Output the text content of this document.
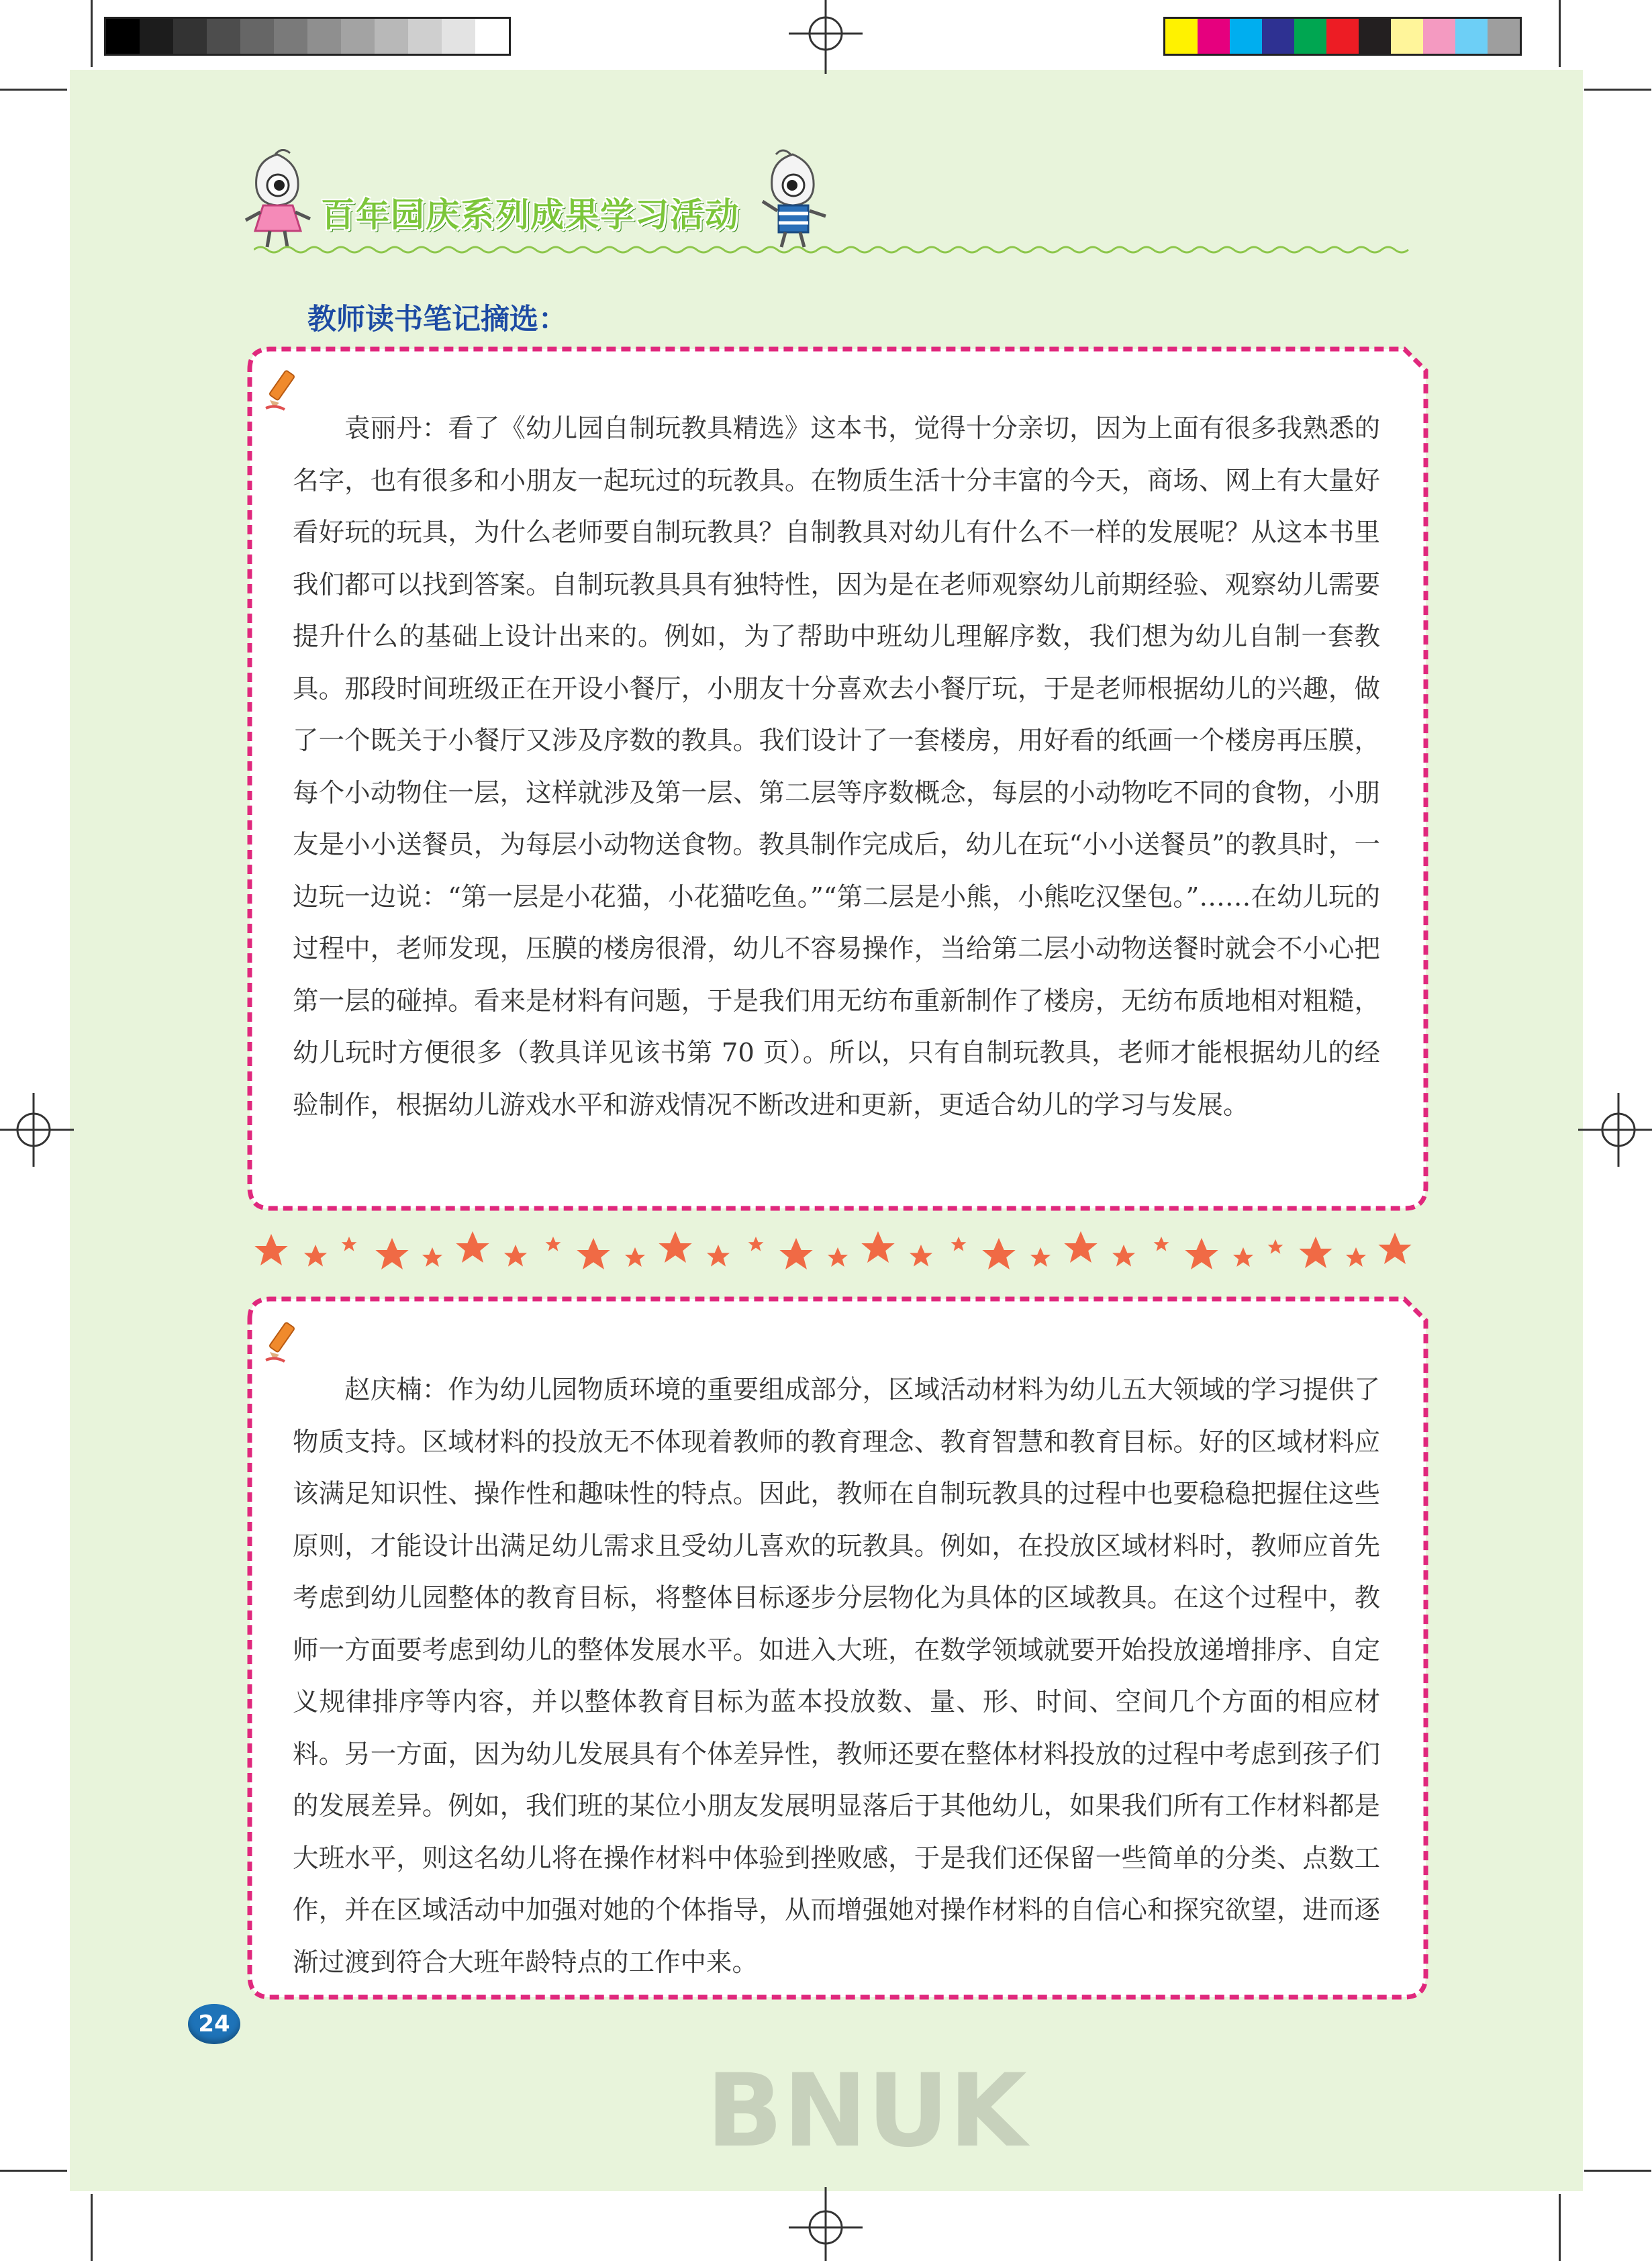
百年园庆系列成果学习活动
教师读书笔记摘选：
袁丽丹：看了《幼儿园自制玩教具精选》这本书，觉得十分亲切，因为上面有很多我熟悉的名字，也有很多和小朋友一起玩过的玩教具。在物质生活十分丰富的今天，商场、网上有大量好看好玩的玩具，为什么老师要自制玩教具？自制教具对幼儿有什么不一样的发展呢？从这本书里我们都可以找到答案。自制玩教具具有独特性，因为是在老师观察幼儿前期经验、观察幼儿需要提升什么的基础上设计出来的。例如，为了帮助中班幼儿理解序数，我们想为幼儿自制一套教具。那段时间班级正在开设小餐厅，小朋友十分喜欢去小餐厅玩，于是老师根据幼儿的兴趣，做了一个既关于小餐厅又涉及序数的教具。我们设计了一套楼房，用好看的纸画一个楼房再压膜，每个小动物住一层，这样就涉及第一层、第二层等序数概念，每层的小动物吃不同的食物，小朋友是小小送餐员，为每层小动物送食物。教具制作完成后，幼儿在玩“小小送餐员”的教具时，一边玩一边说：“第一层是小花猫，小花猫吃鱼。”“第二层是小熊，小熊吃汉堡包。”……在幼儿玩的过程中，老师发现，压膜的楼房很滑，幼儿不容易操作，当给第二层小动物送餐时就会不小心把第一层的碰掉。看来是材料有问题，于是我们用无纺布重新制作了楼房，无纺布质地相对粗糙，幼儿玩时方便很多（教具详见该书第 70 页）。所以，只有自制玩教具，老师才能根据幼儿的经验制作，根据幼儿游戏水平和游戏情况不断改进和更新，更适合幼儿的学习与发展。
赵庆楠：作为幼儿园物质环境的重要组成部分，区域活动材料为幼儿五大领域的学习提供了物质支持。区域材料的投放无不体现着教师的教育理念、教育智慧和教育目标。好的区域材料应该满足知识性、操作性和趣味性的特点。因此，教师在自制玩教具的过程中也要稳稳把握住这些原则，才能设计出满足幼儿需求且受幼儿喜欢的玩教具。例如，在投放区域材料时，教师应首先考虑到幼儿园整体的教育目标，将整体目标逐步分层物化为具体的区域教具。在这个过程中，教师一方面要考虑到幼儿的整体发展水平。如进入大班，在数学领域就要开始投放递增排序、自定义规律排序等内容，并以整体教育目标为蓝本投放数、量、形、时间、空间几个方面的相应材料。另一方面，因为幼儿发展具有个体差异性，教师还要在整体材料投放的过程中考虑到孩子们的发展差异。例如，我们班的某位小朋友发展明显落后于其他幼儿，如果我们所有工作材料都是大班水平，则这名幼儿将在操作材料中体验到挫败感，于是我们还保留一些简单的分类、点数工作，并在区域活动中加强对她的个体指导，从而增强她对操作材料的自信心和探究欲望，进而逐渐过渡到符合大班年龄特点的工作中来。
24
BNUK
